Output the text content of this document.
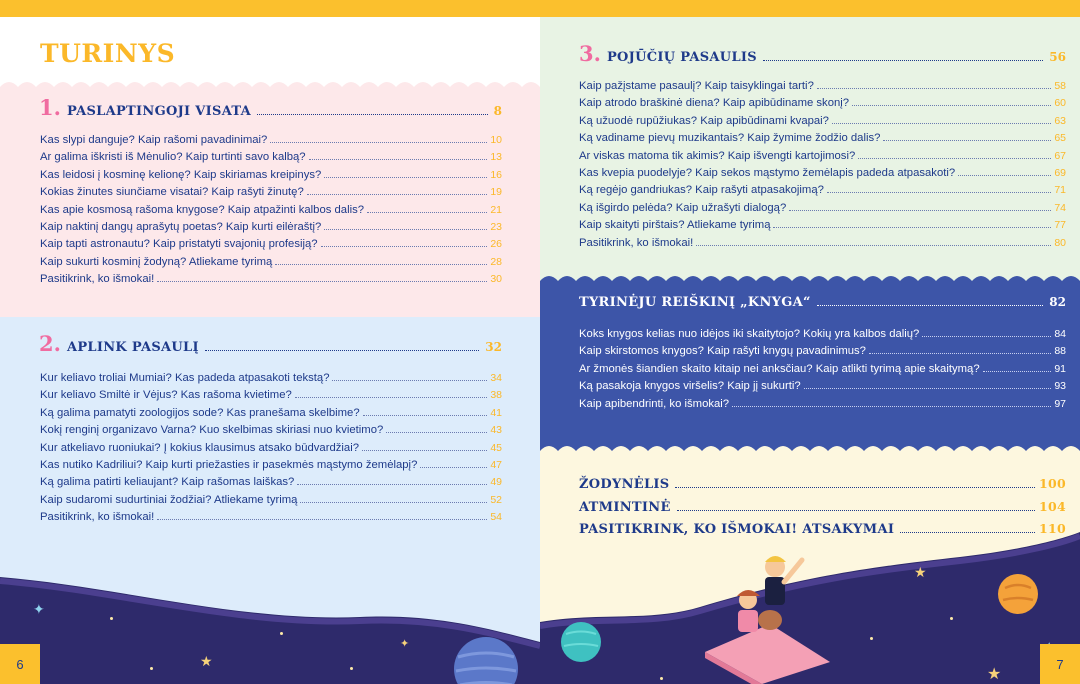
TURINYS
1. PASLAPTINGOJI VISATA	8
Kas slypi danguje? Kaip rašomi pavadinimai?	10
Ar galima iškristi iš Mėnulio? Kaip turtinti savo kalbą?	13
Kas leidosi į kosminę kelionę? Kaip skiriamas kreipinys?	16
Kokias žinutes siunčiame visatai? Kaip rašyti žinutę?	19
Kas apie kosmosą rašoma knygose? Kaip atpažinti kalbos dalis?	21
Kaip naktinį dangų aprašytų poetas? Kaip kurti eilėraštį?	23
Kaip tapti astronautu? Kaip pristatyti svajonių profesiją?	26
Kaip sukurti kosminį žodyną? Atliekame tyrimą	28
Pasitikrink, ko išmokai!	30
2. APLINK PASAULĮ	32
Kur keliavo troliai Mumiai? Kas padeda atpasakoti tekstą?	34
Kur keliavo Smiltė ir Vėjus? Kas rašoma kvietime?	38
Ką galima pamatyti zoologijos sode? Kas pranešama skelbime?	41
Kokį renginį organizavo Varna? Kuo skelbimas skiriasi nuo kvietimo?	43
Kur atkeliavo ruoniukai? Į kokius klausimus atsako būdvardžiai?	45
Kas nutiko Kadriliui? Kaip kurti priežasties ir pasekmės mąstymo žemėlapį?	47
Ką galima patirti keliaujant? Kaip rašomas laiškas?	49
Kaip sudaromi sudurtiniai žodžiai? Atliekame tyrimą	52
Pasitikrink, ko išmokai!	54
✦
★
✦
6
3. POJŪČIŲ PASAULIS	56
Kaip pažįstame pasaulį? Kaip taisyklingai tarti?	58
Kaip atrodo braškinė diena? Kaip apibūdiname skonį?	60
Ką užuodė rupūžiukas? Kaip apibūdinami kvapai?	63
Ką vadiname pievų muzikantais? Kaip žymime žodžio dalis?	65
Ar viskas matoma tik akimis? Kaip išvengti kartojimosi?	67
Kas kvepia puodelyje? Kaip sekos mąstymo žemėlapis padeda atpasakoti?	69
Ką regėjo gandriukas? Kaip rašyti atpasakojimą?	71
Ką išgirdo pelėda? Kaip užrašyti dialogą?	74
Kaip skaityti pirštais? Atliekame tyrimą	77
Pasitikrink, ko išmokai!	80
TYRINĖJU REIŠKINĮ „KNYGA“	82
Koks knygos kelias nuo idėjos iki skaitytojo? Kokių yra kalbos dalių?	84
Kaip skirstomos knygos? Kaip rašyti knygų pavadinimus?	88
Ar žmonės šiandien skaito kitaip nei anksčiau? Kaip atlikti tyrimą apie skaitymą?	91
Ką pasakoja knygos viršelis? Kaip jį sukurti?	93
Kaip apibendrinti, ko išmokai?	97
ŽODYNĖLIS	100
ATMINTINĖ	104
PASITIKRINK, KO IŠMOKAI! ATSAKYMAI	110
★
★
7
